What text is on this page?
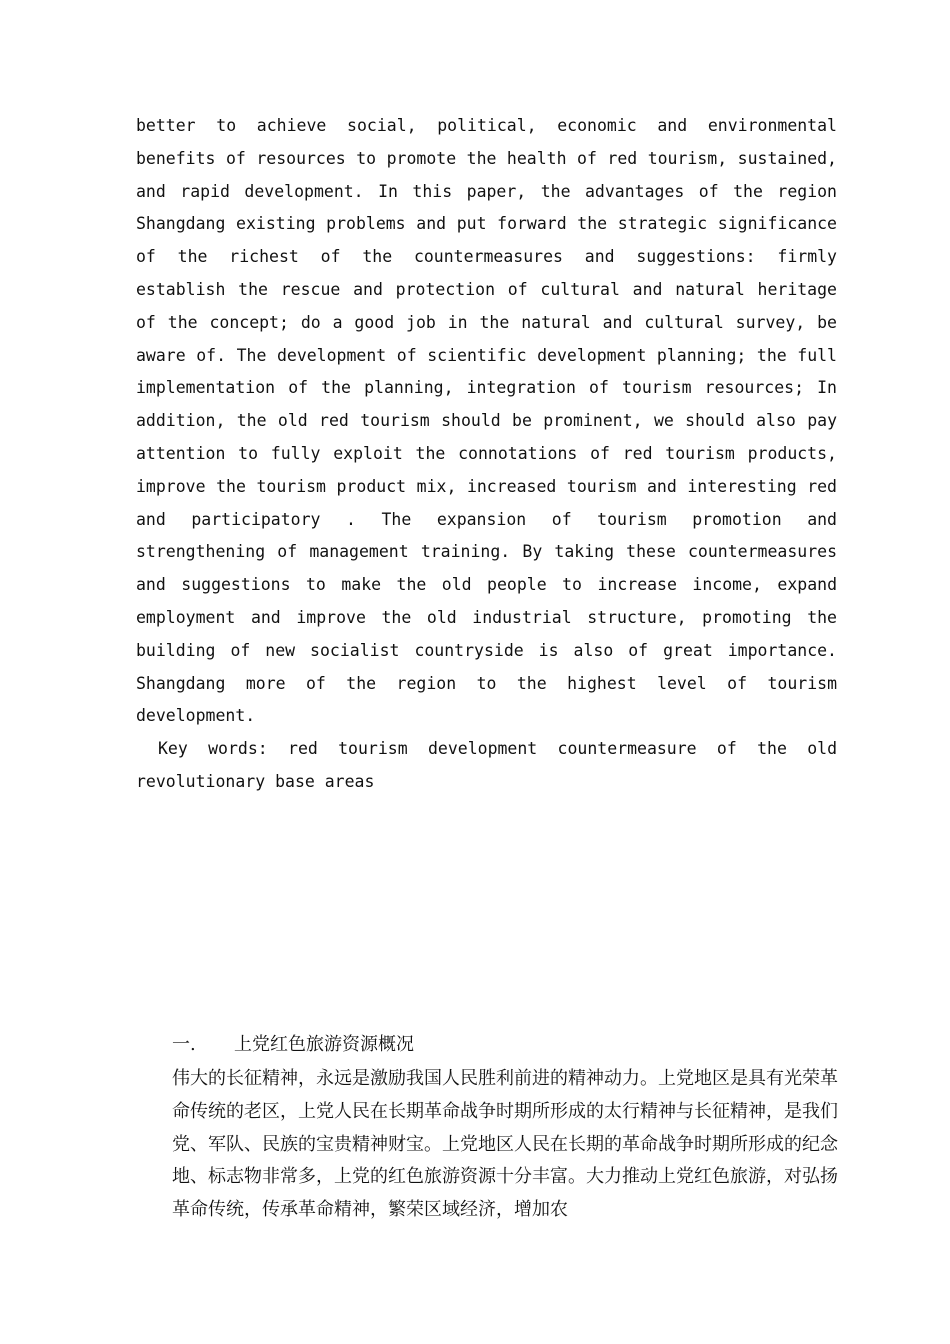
better to achieve social, political, economic and environmental benefits of resources to promote the health of red tourism, sustained, and rapid development. In this paper, the advantages of the region Shangdang existing problems and put forward the strategic significance of the richest of the countermeasures and suggestions: firmly establish the rescue and protection of cultural and natural heritage of the concept; do a good job in the natural and cultural survey, be aware of. The development of scientific development planning; the full implementation of the planning, integration of tourism resources; In addition, the old red tourism should be prominent, we should also pay attention to fully exploit the connotations of red tourism products, improve the tourism product mix, increased tourism and interesting red and participatory . The expansion of tourism promotion and strengthening of management training. By taking these countermeasures and suggestions to make the old people to increase income, expand employment and improve the old industrial structure, promoting the building of new socialist countryside is also of great importance. Shangdang more of the region to the highest level of tourism development.

Key words: red tourism development countermeasure of the old revolutionary base areas

一. 上党红色旅游资源概况

伟大的长征精神，永远是激励我国人民胜利前进的精神动力。上党地区是具有光荣革命传统的老区，上党人民在长期革命战争时期所形成的太行精神与长征精神，是我们党、军队、民族的宝贵精神财宝。上党地区人民在长期的革命战争时期所形成的纪念地、标志物非常多，上党的红色旅游资源十分丰富。大力推动上党红色旅游，对弘扬革命传统，传承革命精神，繁荣区域经济，增加农
